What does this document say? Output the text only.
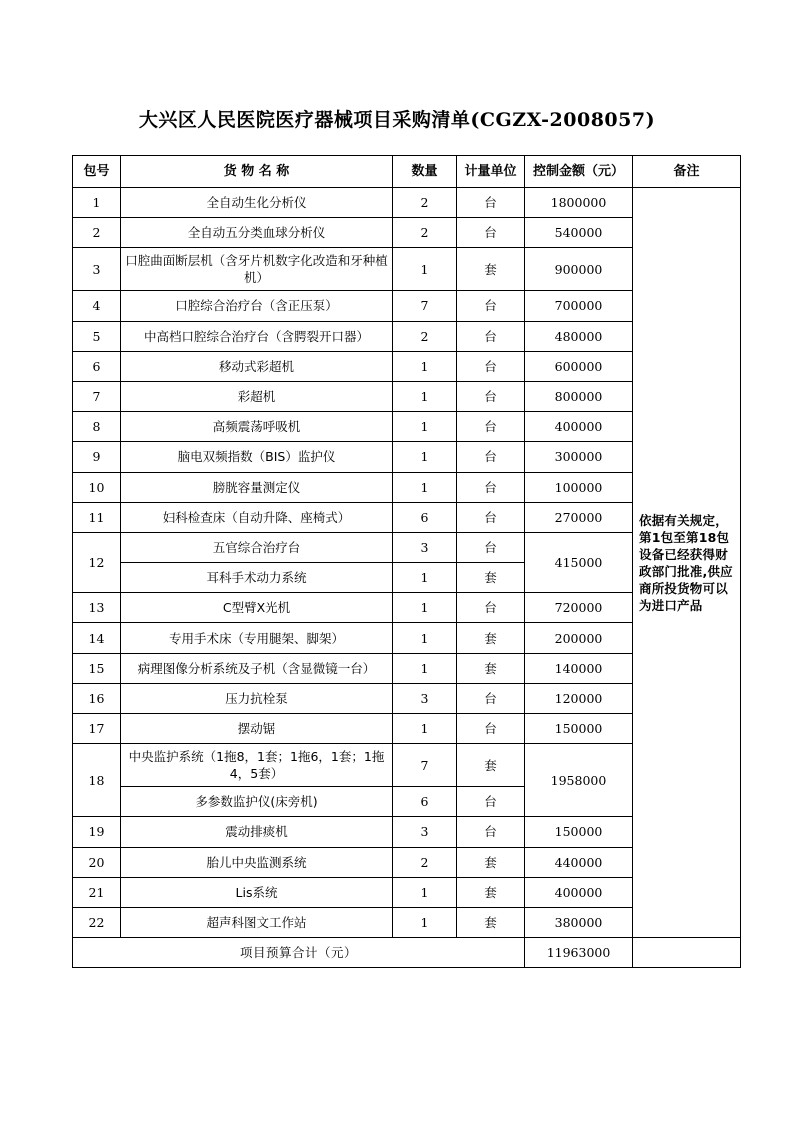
大兴区人民医院医疗器械项目采购清单(CGZX-2008057)
包号	货 物 名 称	数量	计量单位	控制金额（元）	备注
1	全自动生化分析仪	2	台	1800000	依据有关规定，第1包至第18包设备已经获得财政部门批准,供应商所投货物可以为进口产品
2	全自动五分类血球分析仪	2	台	540000	
3	口腔曲面断层机（含牙片机数字化改造和牙种植机）	1	套	900000	
4	口腔综合治疗台（含正压泵）	7	台	700000	
5	中高档口腔综合治疗台（含腭裂开口器）	2	台	480000	
6	移动式彩超机	1	台	600000	
7	彩超机	1	台	800000	
8	高频震荡呼吸机	1	台	400000	
9	脑电双频指数（BIS）监护仪	1	台	300000	
10	膀胱容量测定仪	1	台	100000	
11	妇科检查床（自动升降、座椅式）	6	台	270000	
12	五官综合治疗台	3	台	415000	
	耳科手术动力系统	1	套		
13	C型臂X光机	1	台	720000	
14	专用手术床（专用腿架、脚架）	1	套	200000	
15	病理图像分析系统及子机（含显微镜一台）	1	套	140000	
16	压力抗栓泵	3	台	120000	
17	摆动锯	1	台	150000	
18	中央监护系统（1拖8，1套；1拖6，1套；1拖4，5套）	7	套	1958000	
	多参数监护仪(床旁机)	6	台		
19	震动排痰机	3	台	150000	
20	胎儿中央监测系统	2	套	440000	
21	Lis系统	1	套	400000	
22	超声科图文工作站	1	套	380000	
项目预算合计（元）				11963000	
